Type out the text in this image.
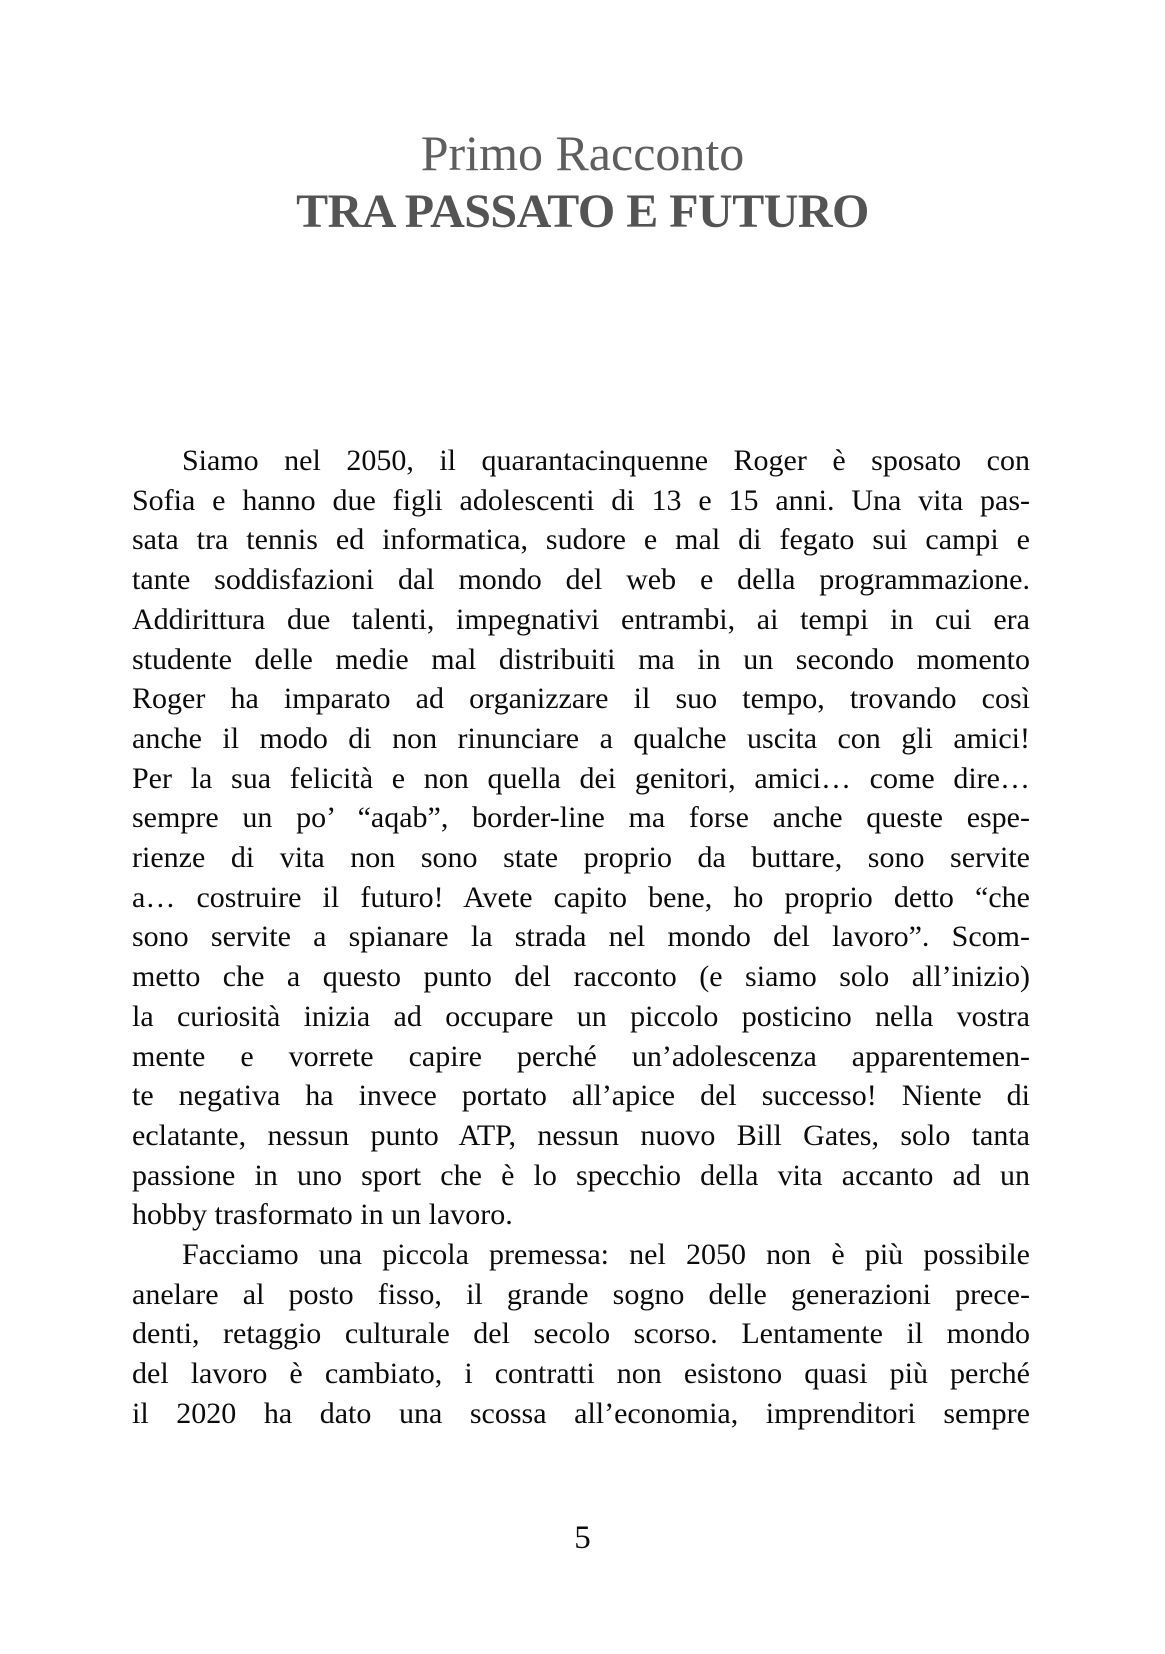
Primo Racconto
TRA PASSATO E FUTURO
Siamo nel 2050, il quarantacinquenne Roger è sposato con
Sofia e hanno due figli adolescenti di 13 e 15 anni. Una vita pas-
sata tra tennis ed informatica, sudore e mal di fegato sui campi e
tante soddisfazioni dal mondo del web e della programmazione.
Addirittura due talenti, impegnativi entrambi, ai tempi in cui era
studente delle medie mal distribuiti ma in un secondo momento
Roger ha imparato ad organizzare il suo tempo, trovando così
anche il modo di non rinunciare a qualche uscita con gli amici!
Per la sua felicità e non quella dei genitori, amici… come dire…
sempre un po’ “aqab”, border-line ma forse anche queste espe-
rienze di vita non sono state proprio da buttare, sono servite
a… costruire il futuro! Avete capito bene, ho proprio detto “che
sono servite a spianare la strada nel mondo del lavoro”. Scom-
metto che a questo punto del racconto (e siamo solo all’inizio)
la curiosità inizia ad occupare un piccolo posticino nella vostra
mente e vorrete capire perché un’adolescenza apparentemen-
te negativa ha invece portato all’apice del successo! Niente di
eclatante, nessun punto ATP, nessun nuovo Bill Gates, solo tanta
passione in uno sport che è lo specchio della vita accanto ad un
hobby trasformato in un lavoro.
Facciamo una piccola premessa: nel 2050 non è più possibile
anelare al posto fisso, il grande sogno delle generazioni prece-
denti, retaggio culturale del secolo scorso. Lentamente il mondo
del lavoro è cambiato, i contratti non esistono quasi più perché
il 2020 ha dato una scossa all’economia, imprenditori sempre
5
